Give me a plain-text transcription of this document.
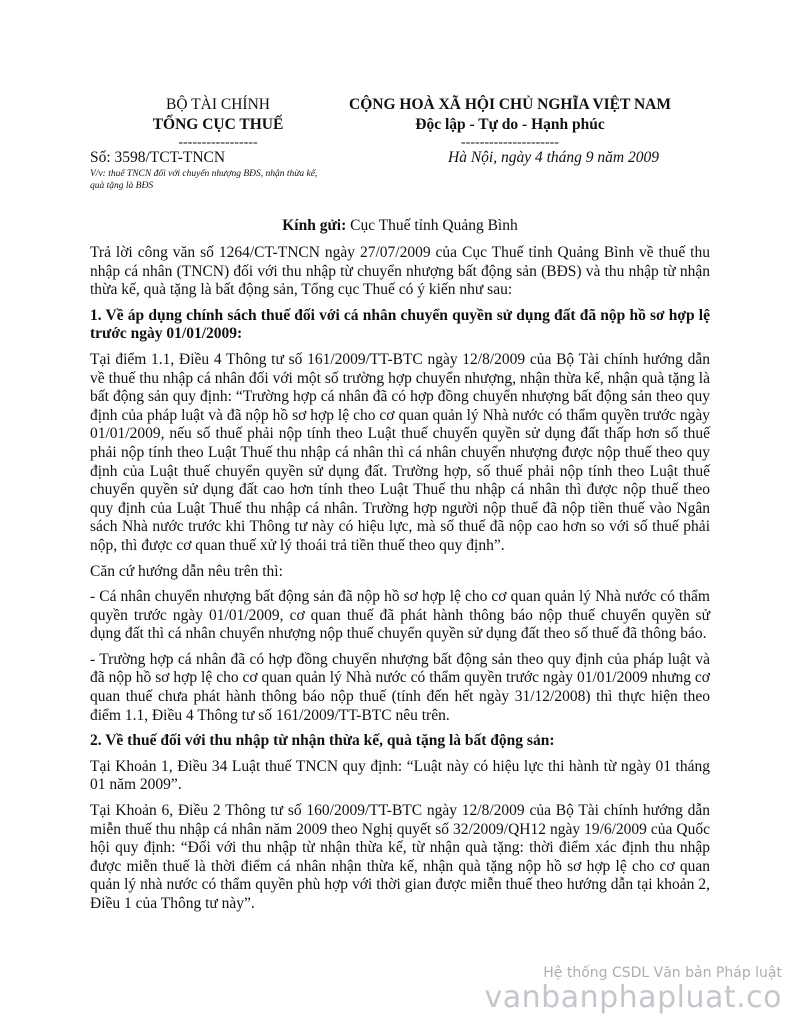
BỘ TÀI CHÍNH
TỔNG CỤC THUẾ
-----------------
CỘNG HOÀ XÃ HỘI CHỦ NGHĨA VIỆT NAM
Độc lập - Tự do - Hạnh phúc
---------------------
Số: 3598/TCT-TNCN
V/v: thuế TNCN đối với chuyển nhượng BĐS, nhận thừa kế, quà tặng là BĐS
Hà Nội, ngày 4 tháng 9 năm 2009
Kính gửi: Cục Thuế tỉnh Quảng Bình

Trả lời công văn số 1264/CT-TNCN ngày 27/07/2009 của Cục Thuế tỉnh Quảng Bình về thuế thu nhập cá nhân (TNCN) đối với thu nhập từ chuyển nhượng bất động sản (BĐS) và thu nhập từ nhận thừa kế, quà tặng là bất động sản, Tổng cục Thuế có ý kiến như sau:

1. Về áp dụng chính sách thuế đối với cá nhân chuyển quyền sử dụng đất đã nộp hồ sơ hợp lệ trước ngày 01/01/2009:

Tại điểm 1.1, Điều 4 Thông tư số 161/2009/TT-BTC ngày 12/8/2009 của Bộ Tài chính hướng dẫn về thuế thu nhập cá nhân đối với một số trường hợp chuyển nhượng, nhận thừa kế, nhận quà tặng là bất động sản quy định: “Trường hợp cá nhân đã có hợp đồng chuyển nhượng bất động sản theo quy định của pháp luật và đã nộp hồ sơ hợp lệ cho cơ quan quản lý Nhà nước có thẩm quyền trước ngày 01/01/2009, nếu số thuế phải nộp tính theo Luật thuế chuyển quyền sử dụng đất thấp hơn số thuế phải nộp tính theo Luật Thuế thu nhập cá nhân thì cá nhân chuyển nhượng được nộp thuế theo quy định của Luật thuế chuyển quyền sử dụng đất. Trường hợp, số thuế phải nộp tính theo Luật thuế chuyển quyền sử dụng đất cao hơn tính theo Luật Thuế thu nhập cá nhân thì được nộp thuế theo quy định của Luật Thuế thu nhập cá nhân. Trường hợp người nộp thuế đã nộp tiền thuế vào Ngân sách Nhà nước trước khi Thông tư này có hiệu lực, mà số thuế đã nộp cao hơn so với số thuế phải nộp, thì được cơ quan thuế xử lý thoái trả tiền thuế theo quy định”.

Căn cứ hướng dẫn nêu trên thì:

- Cá nhân chuyển nhượng bất động sản đã nộp hồ sơ hợp lệ cho cơ quan quản lý Nhà nước có thẩm quyền trước ngày 01/01/2009, cơ quan thuế đã phát hành thông báo nộp thuế chuyển quyền sử dụng đất thì cá nhân chuyển nhượng nộp thuế chuyển quyền sử dụng đất theo số thuế đã thông báo.

- Trường hợp cá nhân đã có hợp đồng chuyển nhượng bất động sản theo quy định của pháp luật và đã nộp hồ sơ hợp lệ cho cơ quan quản lý Nhà nước có thẩm quyền trước ngày 01/01/2009 nhưng cơ quan thuế chưa phát hành thông báo nộp thuế (tính đến hết ngày 31/12/2008) thì thực hiện theo điểm 1.1, Điều 4 Thông tư số 161/2009/TT-BTC nêu trên.

2. Về thuế đối với thu nhập từ nhận thừa kế, quà tặng là bất động sản:

Tại Khoản 1, Điều 34 Luật thuế TNCN quy định: “Luật này có hiệu lực thi hành từ ngày 01 tháng 01 năm 2009”.

Tại Khoản 6, Điều 2 Thông tư số 160/2009/TT-BTC ngày 12/8/2009 của Bộ Tài chính hướng dẫn miễn thuế thu nhập cá nhân năm 2009 theo Nghị quyết số 32/2009/QH12 ngày 19/6/2009 của Quốc hội quy định: “Đối với thu nhập từ nhận thừa kế, từ nhận quà tặng: thời điểm xác định thu nhập được miễn thuế là thời điểm cá nhân nhận thừa kế, nhận quà tặng nộp hồ sơ hợp lệ cho cơ quan quản lý nhà nước có thẩm quyền phù hợp với thời gian được miễn thuế theo hướng dẫn tại khoản 2, Điều 1 của Thông tư này”.

Hệ thống CSDL Văn bản Pháp luật
vanbanphapluat.co
